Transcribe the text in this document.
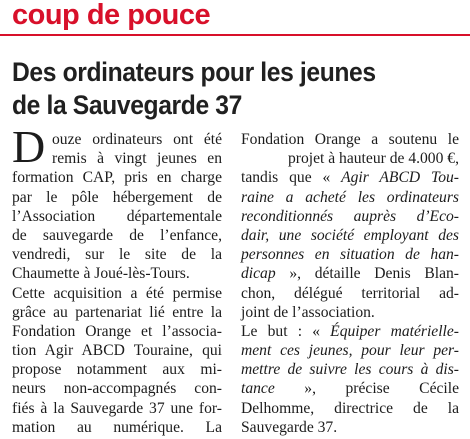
coup de pouce
Des ordinateurs pour les jeunes
de la Sauvegarde 37
D ouze ordinateurs ont été
remis à vingt jeunes en
formation CAP, pris en charge
par le pôle hébergement de
l’Association départementale
de sauvegarde de l’enfance,
vendredi, sur le site de la
Chaumette à Joué-lès-Tours.
Cette acquisition a été permise
grâce au partenariat lié entre la
Fondation Orange et l’associa-
tion Agir ABCD Touraine, qui
propose notamment aux mi-
neurs non-accompagnés con-
fiés à la Sauvegarde 37 une for-
mation au numérique. La
Fondation Orange a soutenu le
projet à hauteur de 4.000 €,
tandis que « Agir ABCD Tou-
raine a acheté les ordinateurs
reconditionnés auprès d’Eco-
dair, une société employant des
personnes en situation de han-
dicap », détaille Denis Blan-
chon, délégué territorial ad-
joint de l’association.
Le but : « Équiper matérielle-
ment ces jeunes, pour leur per-
mettre de suivre les cours à dis-
tance », précise Cécile
Delhomme, directrice de la
Sauvegarde 37.
